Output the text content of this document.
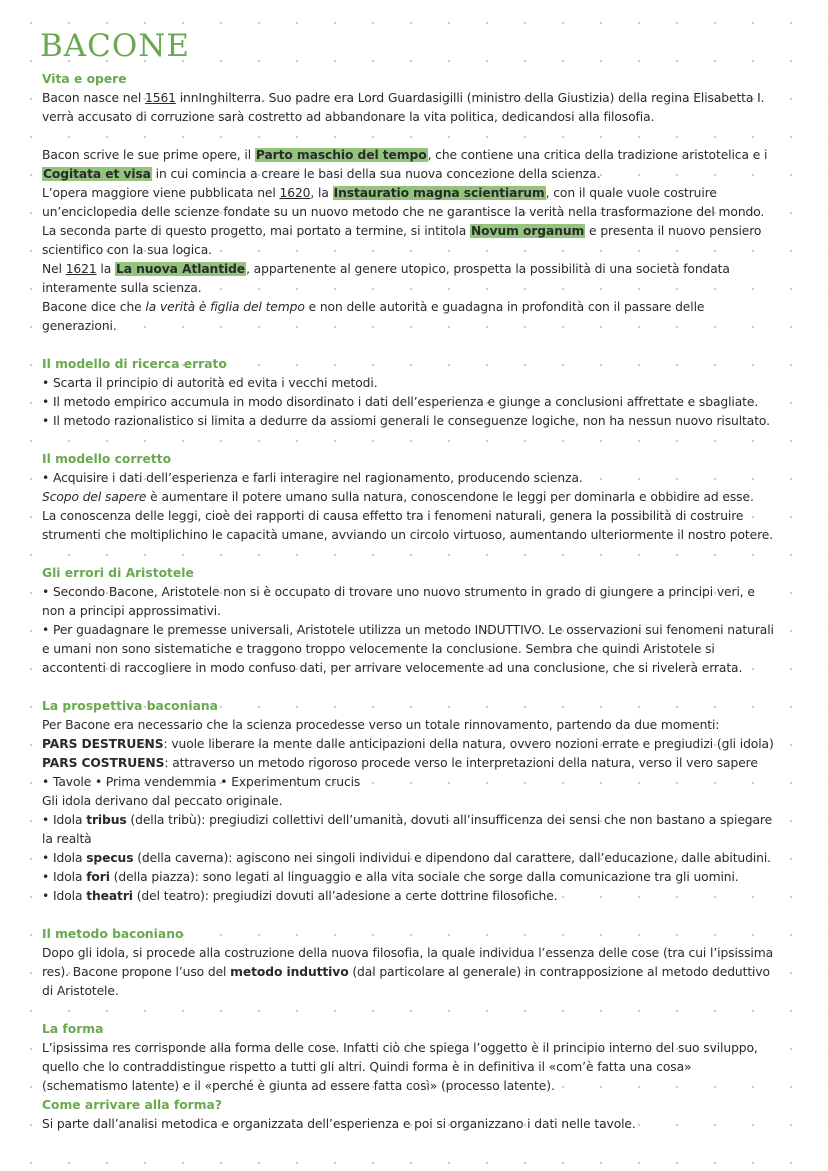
BACONE
Vita e opere

Bacon nasce nel 1561 innInghilterra. Suo padre era Lord Guardasigilli (ministro della Giustizia) della regina Elisabetta I.

verrà accusato di corruzione sarà costretto ad abbandonare la vita politica, dedicandosi alla filosofia.

Bacon scrive le sue prime opere, il Parto maschio del tempo, che contiene una critica della tradizione aristotelica e i

Cogitata et visa in cui comincia a creare le basi della sua nuova concezione della scienza.

L’opera maggiore viene pubblicata nel 1620, la Instauratio magna scientiarum, con il quale vuole costruire

un’enciclopedia delle scienze fondate su un nuovo metodo che ne garantisce la verità nella trasformazione del mondo.

La seconda parte di questo progetto, mai portato a termine, si intitola Novum organum e presenta il nuovo pensiero

scientifico con la sua logica.

Nel 1621 la La nuova Atlantide, appartenente al genere utopico, prospetta la possibilità di una società fondata

interamente sulla scienza.

Bacone dice che la verità è figlia del tempo e non delle autorità e guadagna in profondità con il passare delle

generazioni.

Il modello di ricerca errato

• Scarta il principio di autorità ed evita i vecchi metodi.

• Il metodo empirico accumula in modo disordinato i dati dell’esperienza e giunge a conclusioni affrettate e sbagliate.

• Il metodo razionalistico si limita a dedurre da assiomi generali le conseguenze logiche, non ha nessun nuovo risultato.

Il modello corretto

• Acquisire i dati dell’esperienza e farli interagire nel ragionamento, producendo scienza.

Scopo del sapere è aumentare il potere umano sulla natura, conoscendone le leggi per dominarla e obbidire ad esse.

La conoscenza delle leggi, cioè dei rapporti di causa effetto tra i fenomeni naturali, genera la possibilità di costruire

strumenti che moltiplichino le capacità umane, avviando un circolo virtuoso, aumentando ulteriormente il nostro potere.

Gli errori di Aristotele

• Secondo Bacone, Aristotele non si è occupato di trovare uno nuovo strumento in grado di giungere a principi veri, e

non a principi approssimativi.

• Per guadagnare le premesse universali, Aristotele utilizza un metodo INDUTTIVO. Le osservazioni sui fenomeni naturali

e umani non sono sistematiche e traggono troppo velocemente la conclusione. Sembra che quindi Aristotele si

accontenti di raccogliere in modo confuso dati, per arrivare velocemente ad una conclusione, che si rivelerà errata.

La prospettiva baconiana

Per Bacone era necessario che la scienza procedesse verso un totale rinnovamento, partendo da due momenti:

PARS DESTRUENS: vuole liberare la mente dalle anticipazioni della natura, ovvero nozioni errate e pregiudizi (gli idola)

PARS COSTRUENS: attraverso un metodo rigoroso procede verso le interpretazioni della natura, verso il vero sapere

• Tavole • Prima vendemmia • Experimentum crucis

Gli idola derivano dal peccato originale.

• Idola tribus (della tribù): pregiudizi collettivi dell’umanità, dovuti all’insufficenza dei sensi che non bastano a spiegare

la realtà

• Idola specus (della caverna): agiscono nei singoli individui e dipendono dal carattere, dall’educazione, dalle abitudini.

• Idola fori (della piazza): sono legati al linguaggio e alla vita sociale che sorge dalla comunicazione tra gli uomini.

• Idola theatri (del teatro): pregiudizi dovuti all’adesione a certe dottrine filosofiche.

Il metodo baconiano

Dopo gli idola, si procede alla costruzione della nuova filosofia, la quale individua l’essenza delle cose (tra cui l’ipsissima

res). Bacone propone l’uso del metodo induttivo (dal particolare al generale) in contrapposizione al metodo deduttivo

di Aristotele.

La forma

L’ipsissima res corrisponde alla forma delle cose. Infatti ciò che spiega l’oggetto è il principio interno del suo sviluppo,

quello che lo contraddistingue rispetto a tutti gli altri. Quindi forma è in definitiva il «com’è fatta una cosa»

(schematismo latente) e il «perché è giunta ad essere fatta così» (processo latente).

Come arrivare alla forma?

Si parte dall’analisi metodica e organizzata dell’esperienza e poi si organizzano i dati nelle tavole.
